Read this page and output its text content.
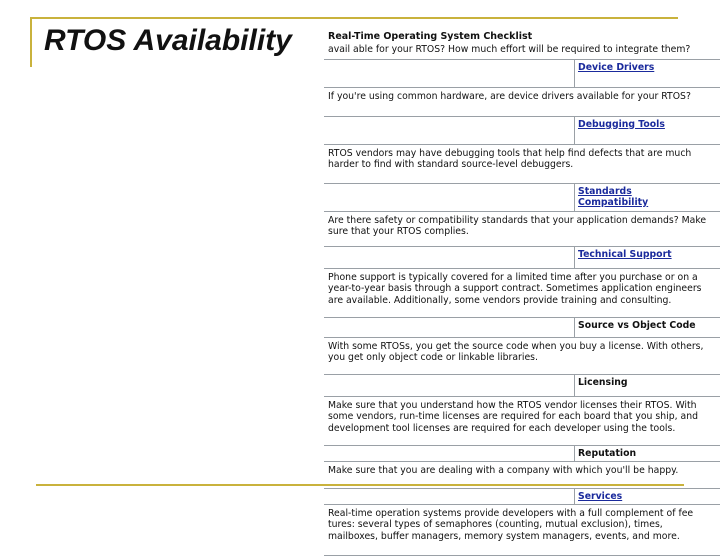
RTOS Availability	Real-Time Operating System Checklist
avail able for your RTOS? How much effort will be required to integrate them?
Device Drivers
If you're using common hardware, are device drivers available for your RTOS?
Debugging Tools
RTOS vendors may have debugging tools that help find defects that are much
harder to find with standard source-level debuggers.
Standards
Compatibility
Are there safety or compatibility standards that your application demands? Make
sure that your RTOS complies.
Technical Support
Phone support is typically covered for a limited time after you purchase or on a
year-to-year basis through a support contract. Sometimes application engineers
are available. Additionally, some vendors provide training and consulting.
Source vs Object Code
With some RTOSs, you get the source code when you buy a license. With others,
you get only object code or linkable libraries.
Licensing
Make sure that you understand how the RTOS vendor licenses their RTOS. With
some vendors, run-time licenses are required for each board that you ship, and
development tool licenses are required for each developer using the tools.
Reputation
Make sure that you are dealing with a company with which you'll be happy.
Services
Real-time operation systems provide developers with a full complement of fee
tures: several types of semaphores (counting, mutual exclusion), times,
mailboxes, buffer managers, memory system managers, events, and more.
